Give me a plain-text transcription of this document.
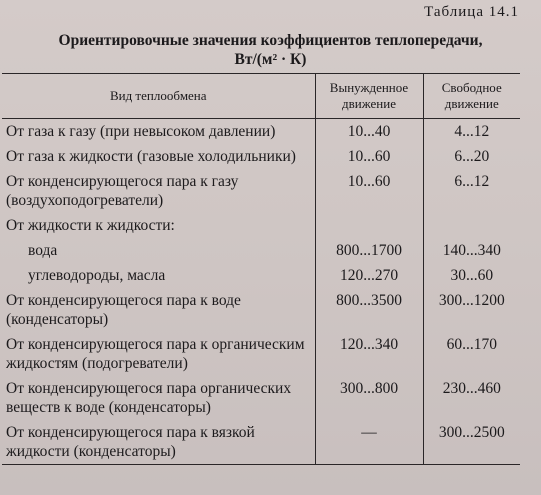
Таблица 14.1
Ориентировочные значения коэффициентов теплопередачи,
Вт/(м² · К)
Вид теплообмена	Вынужденное движение	Свободное движение
От газа к газу (при невысоком давлении)	10...40	4...12
От газа к жидкости (газовые холодильники)	10...60	6...20
От конденсирующегося пара к газу (воздухоподогреватели)	10...60	6...12
От жидкости к жидкости:		
вода	800...1700	140...340
углеводороды, масла	120...270	30...60
От конденсирующегося пара к воде (конденсаторы)	800...3500	300...1200
От конденсирующегося пара к органическим жидкостям (подогреватели)	120...340	60...170
От конденсирующегося пара органических веществ к воде (конденсаторы)	300...800	230...460
От конденсирующегося пара к вязкой жидкости (конденсаторы)	—	300...2500
